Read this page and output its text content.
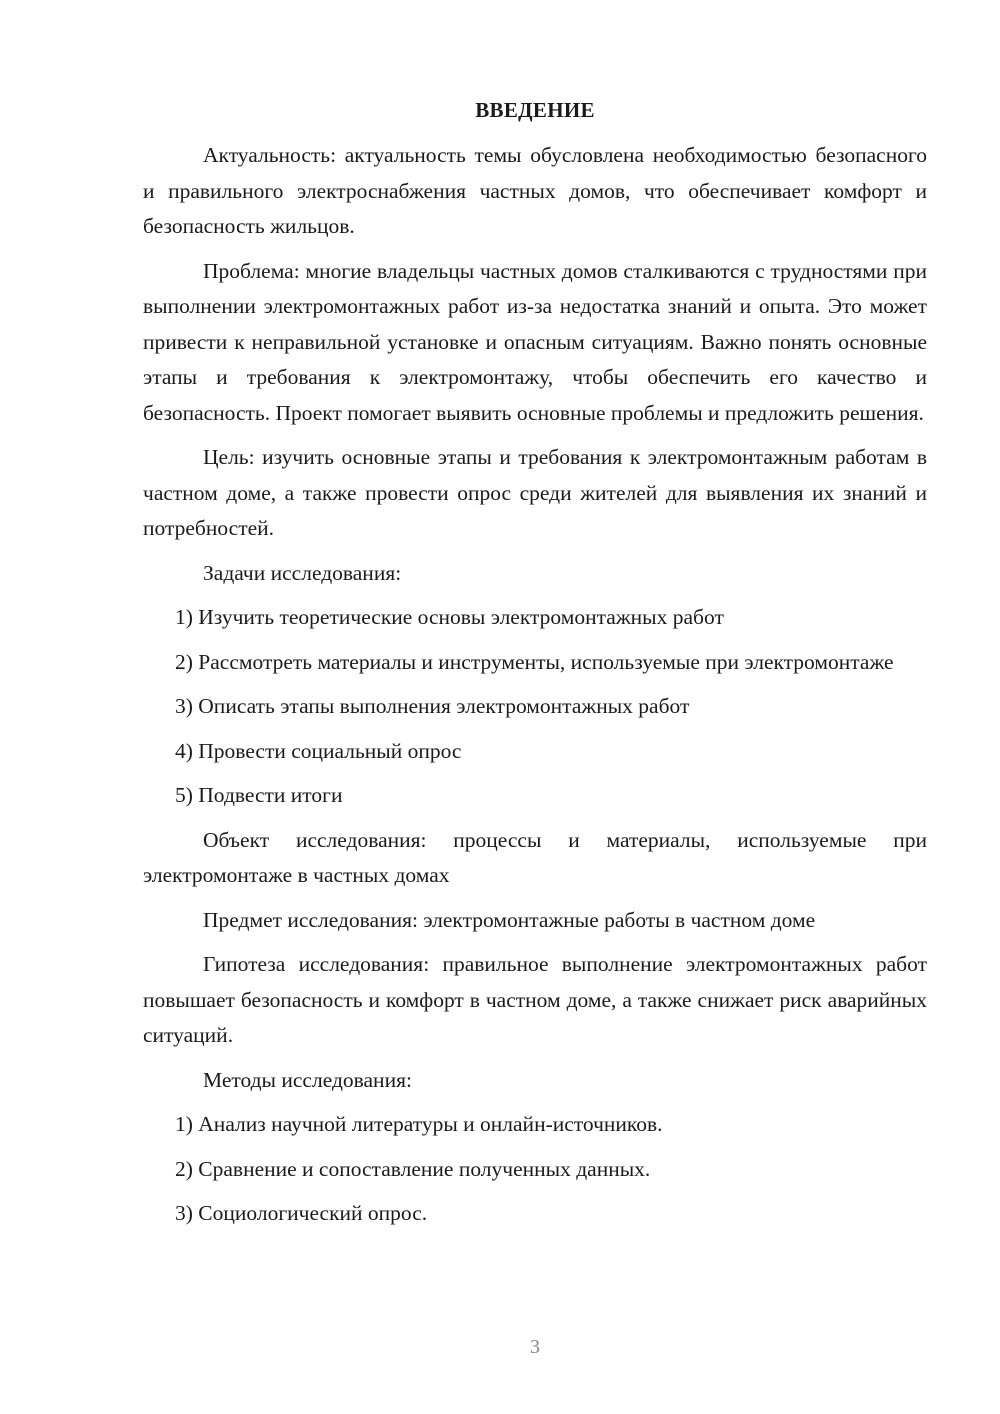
ВВЕДЕНИЕ

Актуальность: актуальность темы обусловлена необходимостью безопасного и правильного электроснабжения частных домов, что обеспечивает комфорт и безопасность жильцов.

Проблема: многие владельцы частных домов сталкиваются с трудностями при выполнении электромонтажных работ из-за недостатка знаний и опыта. Это может привести к неправильной установке и опасным ситуациям. Важно понять основные этапы и требования к электромонтажу, чтобы обеспечить его качество и безопасность. Проект помогает выявить основные проблемы и предложить решения.

Цель: изучить основные этапы и требования к электромонтажным работам в частном доме, а также провести опрос среди жителей для выявления их знаний и потребностей.

Задачи исследования:

1) Изучить теоретические основы электромонтажных работ

2) Рассмотреть материалы и инструменты, используемые при электромонтаже

3) Описать этапы выполнения электромонтажных работ

4) Провести социальный опрос

5) Подвести итоги

Объект исследования: процессы и материалы, используемые при электромонтаже в частных домах

Предмет исследования: электромонтажные работы в частном доме

Гипотеза исследования: правильное выполнение электромонтажных работ повышает безопасность и комфорт в частном доме, а также снижает риск аварийных ситуаций.

Методы исследования:

1) Анализ научной литературы и онлайн-источников.

2) Сравнение и сопоставление полученных данных.

3) Социологический опрос.

3
